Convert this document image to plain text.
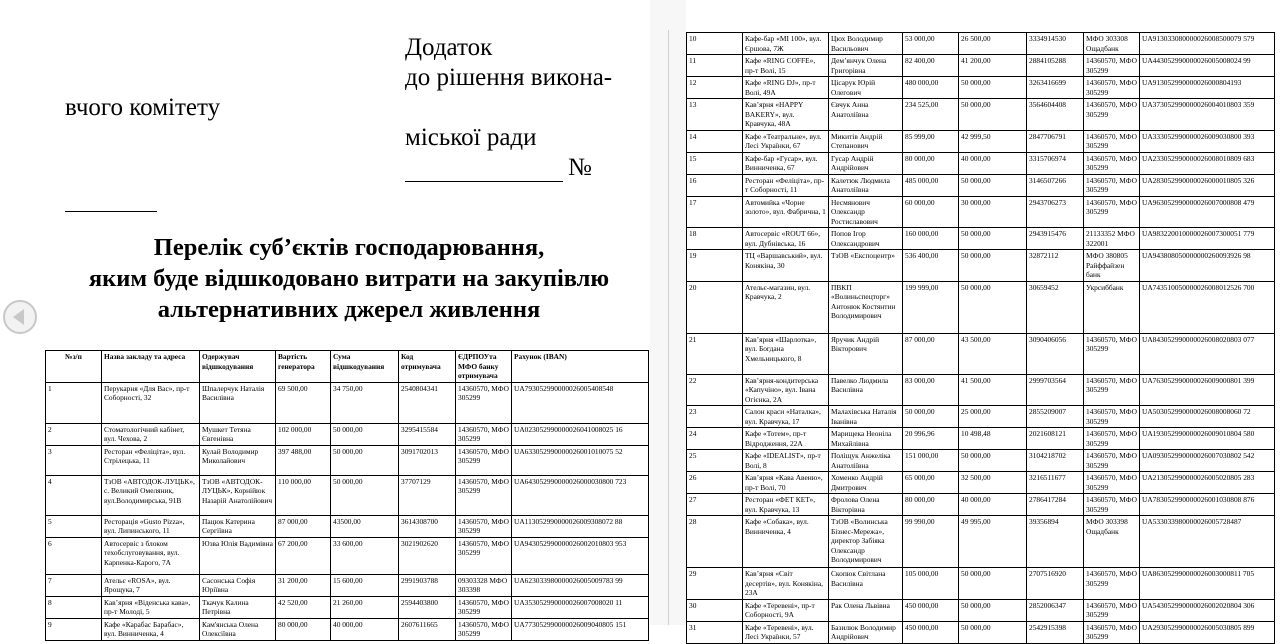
Додаток
до рішення викона-
вчого комітету
міської ради
№
Перелік суб’єктів господарювання,
яким буде відшкодовано витрати на закупівлю
альтернативних джерел живлення
№з/п	Назва закладу та адреса	Одержувач відшкодування	Вартість генератора	Сума відшкодування	Код отримувача	ЄДРПОУта МФО банку отримувача	Рахунок (IBAN)
1	Перукарня «Для Вас», пр-т Соборності, 32	Шпалерчук Наталія Василівна	69 500,00	34 750,00	2540804341	14360570, МФО 305299	UA793052990000026005408548
2	Стоматологічний кабінет, вул. Чехова, 2	Мушкет Тетяна Євгенівна	102 000,00	50 000,00	3295415584	14360570, МФО 305299	UA023052990000026041008025 16
3	Ресторан «Феліціта», вул. Стрілецька, 11	Кулай Володимир Миколайович	397 488,00	50 000,00	3091702013	14360570, МФО 305299	UA633052990000026001010075 52
4	ТзОВ «АВТОДОК-ЛУЦЬК», с. Великий Омеляник, вул.Володимирська, 91В	ТзОВ «АВТОДОК-ЛУЦЬК», Корнійюк Назарій Анатолійович	110 000,00	50 000,00	37707129	14360570, МФО 305299	UA643052990000026000030800 723
5	Ресторація «Gusto Pizza», вул. Липинського, 11	Пацюк Катерина Сергіївна	87 000,00	43500,00	3614308700	14360570, МФО 305299	UA113052990000026009308072 88
6	Автосервіс з блоком техобслуговування, вул. Карпенка-Карого, 7А	Юзва Юлія Вадимівна	67 200,00	33 600,00	3021902620	14360570, МФО 305299	UA943052990000026002010803 953
7	Ательє «ROSA», вул. Ярощука, 7	Сасонська Софія Юріївна	31 200,00	15 600,00	2991903788	09303328 МФО 303398	UA623033980000026005009783 99
8	Кав’ярня «Віденська кава», пр-т Молоді, 5	Ткачук Калина Петрівна	42 520,00	21 260,00	2594403800	14360570, МФО 305299	UA353052990000026007008020 11
9	Кафе «Карабас Барабас», вул. Винниченка, 4	Кам'янська Олена Олексіївна	80 000,00	40 000,00	2607611665	14360570, МФО 305299	UA773052990000026009040805 151
10	Кафе-бар «MI 100», вул. Єршова, 7Ж	Цюх Володимир Васильович	53 000,00	26 500,00	3334914530	МФО 303308 Ощадбанк	UA913033080000026008500079 579
11	Кафе «RING COFFE», пр-т Волі, 15	Дем’янчук Олена Григорівна	82 400,00	41 200,00	2884105288	14360570, МФО 305299	UA443052990000026005008024 99
12	Кафе «RING DJ», пр-т Волі, 49А	Цісарук Юрій Олегович	480 000,00	50 000,00	3263416699	14360570, МФО 305299	UA913052990000026000804193
13	Кав’ярня «HAPPY BAKERY», вул. Кравчука, 48А	Євчук Анна Анатоліївна	234 525,00	50 000,00	3564604408	14360570, МФО 305299	UA373052990000026004010803 359
14	Кафе «Театральне», вул. Лесі Українки, 67	Микитів Андрій Степанович	85 999,00	42 999,50	2847706791	14360570, МФО 305299	UA333052990000026009030800 393
15	Кафе-бар «Гусар», вул. Винниченка, 67	Гусар Андрій Андрійович	80 000,00	40 000,00	3315706974	14360570, МФО 305299	UA233052990000026008010809 683
16	Ресторан «Феліціта», пр-т Соборності, 11	Калетюк Людмила Анатоліївна	485 000,00	50 000,00	3146507266	14360570, МФО 305299	UA283052990000026000010805 326
17	Автомийка «Чорне золото», вул. Фабрична, 1	Несмянович Олександр Ростиславович	60 000,00	30 000,00	2943706273	14360570, МФО 305299	UA963052990000026007000808 479
18	Автосервіс «ROUT 66», вул. Дубнівська, 16	Попов Ігор Олександрович	160 000,00	50 000,00	2943915476	21133352 МФО 322001	UA983220010000026007300051 779
19	ТЦ «Варшавський», вул. Конякіна, 30	ТзОВ «Експоцентр»	536 400,00	50 000,00	32872112	МФО 380805 Райффайзен банк	UA943808050000000260093926 98
20	Ательє-магазин, вул. Кравчука, 2	ПВКП «Волиньспецторг» Антонюк Костянтин Володимирович	199 999,00	50 000,00	30659452	Укрсиббанк	UA743510050000026008012526 700
21	Кав’ярня «Шарлотка», вул. Богдана Хмельницького, 8	Яручик Андрій Вікторович	87 000,00	43 500,00	3090406056	14360570, МФО 305299	UA843052990000026008020803 077
22	Кав’ярня-кондитерська «Капучіно», вул. Івана Огієнка, 2А	Павелко Людмила Василівна	83 000,00	41 500,00	2999703564	14360570, МФО 305299	UA763052990000026009000801 399
23	Салон краси «Наталка», вул. Кравчука, 17	Малахівська Наталія Іванівна	50 000,00	25 000,00	2855209007	14360570, МФО 305299	UA503052990000026008008060 72
24	Кафе «Тотем», пр-т Відродження, 22А	Марищека Неоніла Михайлівна	20 996,96	10 498,48	2021608121	14360570, МФО 305299	UA193052990000026009010804 580
25	Кафе «IDEALIST», пр-т Волі, 8	Поліщук Анжеліка Анатоліївна	151 000,00	50 000,00	3104218702	14360570, МФО 305299	UA093052990000026007030802 542
26	Кав’ярня «Кава Авеню», пр-т Волі, 70	Хоменко Андрій Дмитрович	65 000,00	32 500,00	3216511677	14360570, МФО 305299	UA213052990000026005020805 283
27	Ресторан «ФЕТ КЕТ», вул. Кравчука, 13	Фролова Олена Вікторівна	80 000,00	40 000,00	2786417284	14360570, МФО 305299	UA783052990000026001030808 876
28	Кафе «Собака», вул. Винниченка, 4	ТзОВ «Волинська Бізнес-Мережа», директор Забіяка Олександр Володимирович	99 990,00	49 995,00	39356894	МФО 303398 Ощадбанк	UA533033980000026005728487
29	Кав’ярня «Світ десертів», вул. Конякіна, 23А	Скопюк Світлана Василівна	105 000,00	50 000,00	2707516920	14360570, МФО 305299	UA863052990000026003000811 705
30	Кафе «Теревені», пр-т Соборності, 9А	Рак Олена Львівна	450 000,00	50 000,00	2852006347	14360570, МФО 305299	UA543052990000026002020804 306
31	Кафе «Теревені», вул. Лесі Українки, 57	Базилюк Володимир Андрійович	450 000,00	50 000,00	2542915398	14360570, МФО 305299	UA293052990000026005030805 899
